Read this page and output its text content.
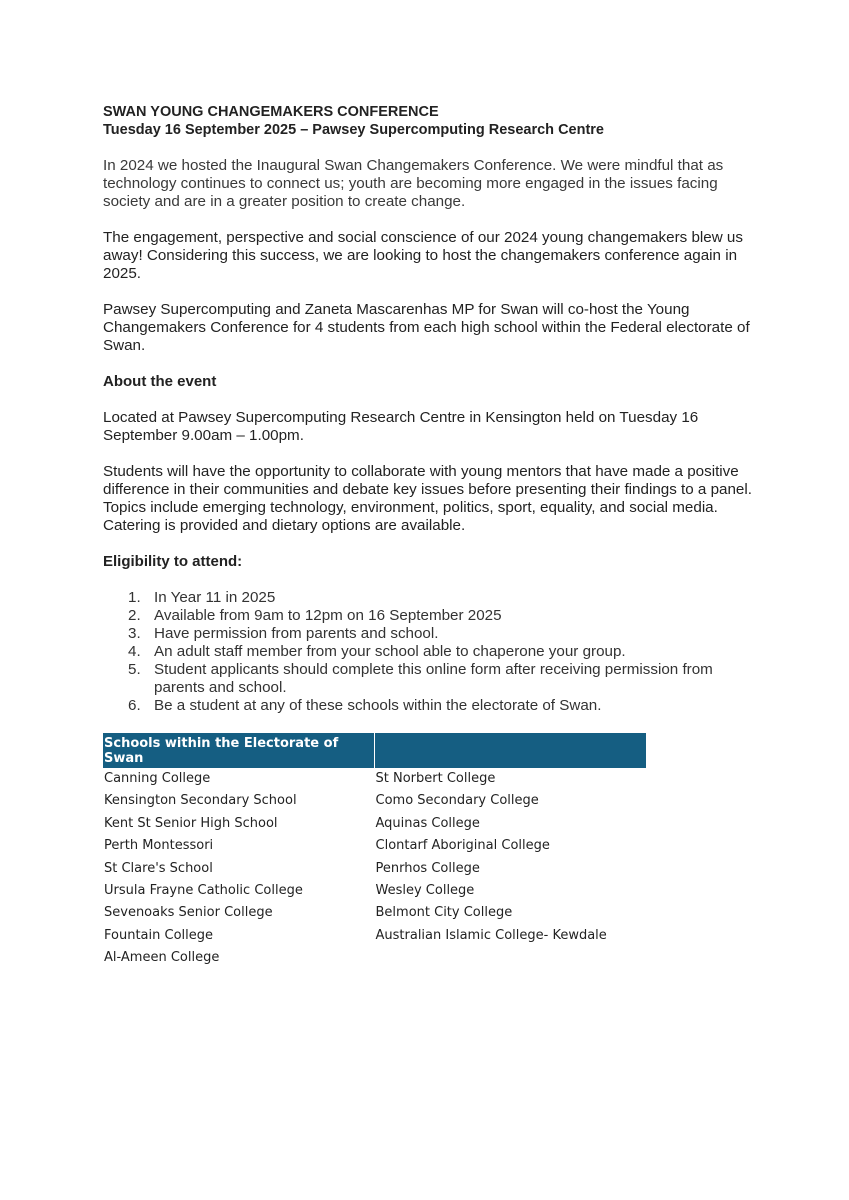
SWAN YOUNG CHANGEMAKERS CONFERENCE

Tuesday 16 September 2025 – Pawsey Supercomputing Research Centre

In 2024 we hosted the Inaugural Swan Changemakers Conference. We were mindful that as technology continues to connect us; youth are becoming more engaged in the issues facing society and are in a greater position to create change.

The engagement, perspective and social conscience of our 2024 young changemakers blew us away! Considering this success, we are looking to host the changemakers conference again in 2025.

Pawsey Supercomputing and Zaneta Mascarenhas MP for Swan will co-host the Young Changemakers Conference for 4 students from each high school within the Federal electorate of Swan.

About the event

Located at Pawsey Supercomputing Research Centre in Kensington held on Tuesday 16 September 9.00am – 1.00pm.

Students will have the opportunity to collaborate with young mentors that have made a positive difference in their communities and debate key issues before presenting their findings to a panel. Topics include emerging technology, environment, politics, sport, equality, and social media.

Catering is provided and dietary options are available.

Eligibility to attend:

1. In Year 11 in 2025
2. Available from 9am to 12pm on 16 September 2025
3. Have permission from parents and school.
4. An adult staff member from your school able to chaperone your group.
5. Student applicants should complete this online form after receiving permission from parents and school.
6. Be a student at any of these schools within the electorate of Swan.
Schools within the Electorate of Swan	
Canning College	St Norbert College
Kensington Secondary School	Como Secondary College
Kent St Senior High School	Aquinas College
Perth Montessori	Clontarf Aboriginal College
St Clare's School	Penrhos College
Ursula Frayne Catholic College	Wesley College
Sevenoaks Senior College	Belmont City College
Fountain College	Australian Islamic College- Kewdale
Al-Ameen College	
